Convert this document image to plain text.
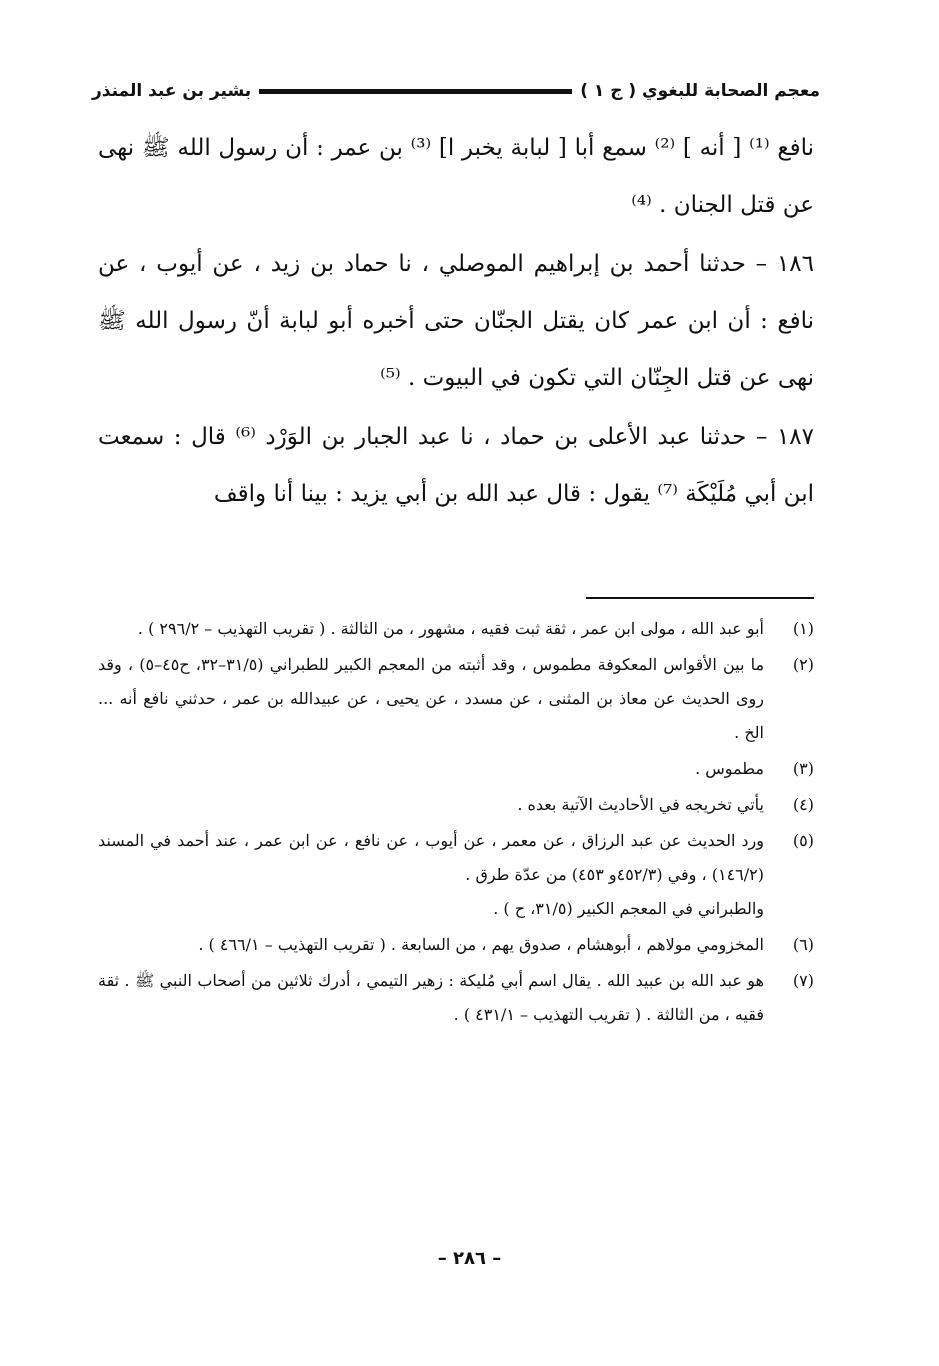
معجم الصحابة للبغوي ( ج ١ )
بشير بن عبد المنذر

نافع ⁽¹⁾ [ أنه ] ⁽²⁾ سمع أبا [ لبابة يخبر ا] ⁽³⁾ بن عمر : أن رسول الله ﷺ نهى عن قتل الجنان . ⁽⁴⁾

١٨٦ – حدثنا أحمد بن إبراهيم الموصلي ، نا حماد بن زيد ، عن أيوب ، عن نافع : أن ابن عمر كان يقتل الجنّان حتى أخبره أبو لبابة أنّ رسول الله ﷺ نهى عن قتل الجِنّان التي تكون في البيوت . ⁽⁵⁾

١٨٧ – حدثنا عبد الأعلى بن حماد ، نا عبد الجبار بن الوَرْد ⁽⁶⁾ قال : سمعت ابن أبي مُلَيْكَة ⁽⁷⁾ يقول : قال عبد الله بن أبي يزيد : بينا أنا واقف

(١)
أبو عبد الله ، مولى ابن عمر ، ثقة ثبت فقيه ، مشهور ، من الثالثة . ( تقريب التهذيب – ٢٩٦/٢ ) .
(٢)
ما بين الأقواس المعكوفة مطموس ، وقد أثبته من المعجم الكبير للطبراني (٣١/٥–٣٢، ح٤٥–٥) ، وقد روى الحديث عن معاذ بن المثنى ، عن مسدد ، عن يحيى ، عن عبيدالله بن عمر ، حدثني نافع أنه ... الخ .
(٣)
مطموس .
(٤)
يأتي تخريجه في الأحاديث الآتية بعده .
(٥)
ورد الحديث عن عبد الرزاق ، عن معمر ، عن أيوب ، عن نافع ، عن ابن عمر ، عند أحمد في المسند (١٤٦/٢) ، وفي (٤٥٢/٣و ٤٥٣) من عدّة طرق .
والطبراني في المعجم الكبير (٣١/٥، ح ) .
(٦)
المخزومي مولاهم ، أبوهشام ، صدوق يهم ، من السابعة . ( تقريب التهذيب – ٤٦٦/١ ) .
(٧)
هو عبد الله بن عبيد الله . يقال اسم أبي مُليكة : زهير التيمي ، أدرك ثلاثين من أصحاب النبي ﷺ . ثقة فقيه ، من الثالثة . ( تقريب التهذيب – ٤٣١/١ ) .
– ٢٨٦ –
